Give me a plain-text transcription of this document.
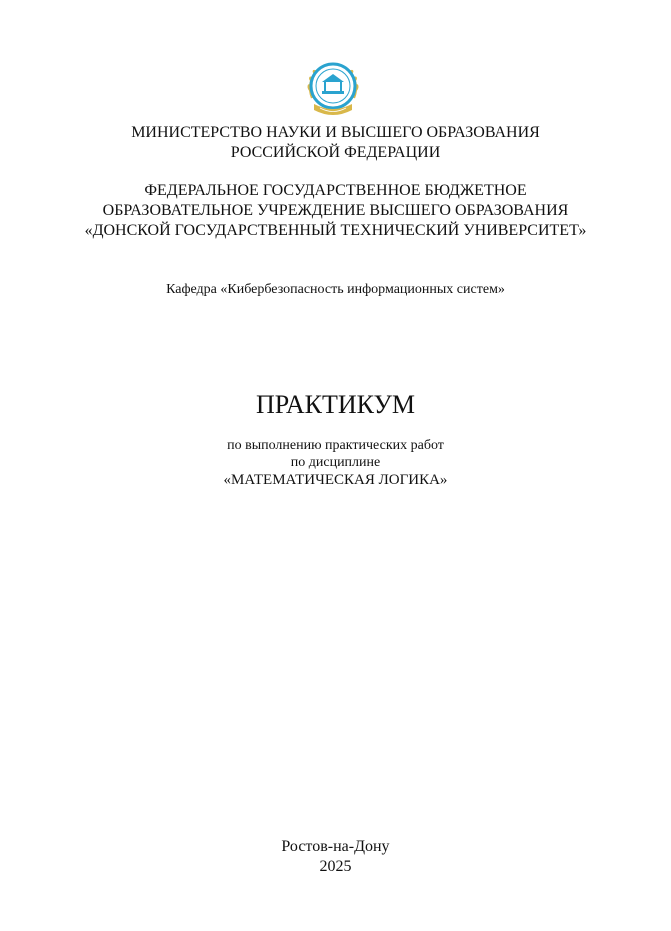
МИНИСТЕРСТВО НАУКИ И ВЫСШЕГО ОБРАЗОВАНИЯ
РОССИЙСКОЙ ФЕДЕРАЦИИ
ФЕДЕРАЛЬНОЕ ГОСУДАРСТВЕННОЕ БЮДЖЕТНОЕ
ОБРАЗОВАТЕЛЬНОЕ УЧРЕЖДЕНИЕ ВЫСШЕГО ОБРАЗОВАНИЯ
«ДОНСКОЙ ГОСУДАРСТВЕННЫЙ ТЕХНИЧЕСКИЙ УНИВЕРСИТЕТ»
Кафедра «Кибербезопасность информационных систем»
ПРАКТИКУМ
по выполнению практических работ
по дисциплине
«МАТЕМАТИЧЕСКАЯ ЛОГИКА»
Ростов-на-Дону
2025
